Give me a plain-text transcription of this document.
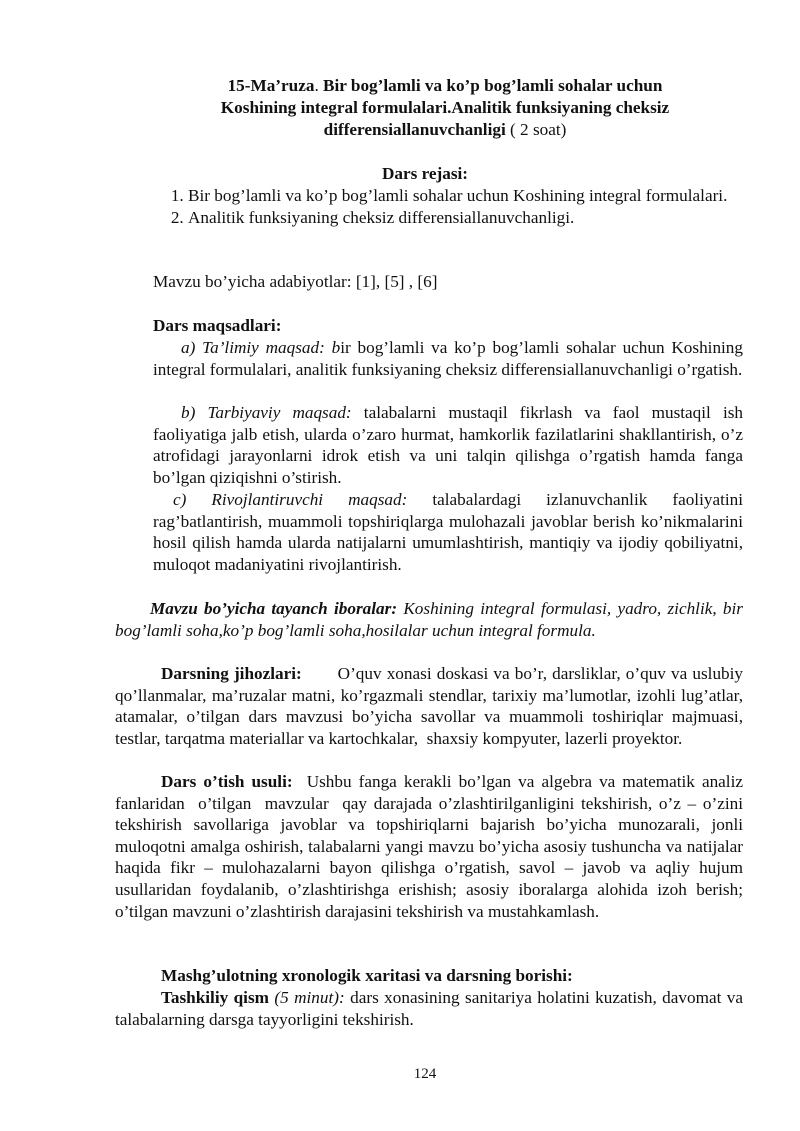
15-Ma’ruza. Bir bog’lamli va ko’p bog’lamli sohalar uchun
Koshining integral formulalari.Analitik funksiyaning cheksiz
differensiallanuvchanligi ( 2 soat)
Dars rejasi:
1. Bir bog’lamli va ko’p bog’lamli sohalar uchun Koshining integral formulalari.
2. Analitik funksiyaning cheksiz differensiallanuvchanligi.
Mavzu bo’yicha adabiyotlar: [1], [5] , [6]
Dars maqsadlari:
a) Ta’limiy maqsad: bir bog’lamli va ko’p bog’lamli sohalar uchun Koshining integral formulalari, analitik funksiyaning cheksiz differensiallanuvchanligi o’rgatish.
b) Tarbiyaviy maqsad: talabalarni mustaqil fikrlash va faol mustaqil ish faoliyatiga jalb etish, ularda o’zaro hurmat, hamkorlik fazilatlarini shakllantirish, o’z atrofidagi jarayonlarni idrok etish va uni talqin qilishga o’rgatish hamda fanga bo’lgan qiziqishni o’stirish.
c) Rivojlantiruvchi maqsad: talabalardagi izlanuvchanlik faoliyatini rag’batlantirish, muammoli topshiriqlarga mulohazali javoblar berish ko’nikmalarini hosil qilish hamda ularda natijalarni umumlashtirish, mantiqiy va ijodiy qobiliyatni, muloqot madaniyatini rivojlantirish.
Mavzu bo’yicha tayanch iboralar: Koshining integral formulasi, yadro, zichlik, bir bog’lamli soha,ko’p bog’lamli soha,hosilalar uchun integral formula.
Darsning jihozlari:       O’quv xonasi doskasi va bo’r, darsliklar, o’quv va uslubiy qo’llanmalar, ma’ruzalar matni, ko’rgazmali stendlar, tarixiy ma’lumotlar, izohli lug’atlar, atamalar, o’tilgan dars mavzusi bo’yicha savollar va muammoli toshiriqlar majmuasi, testlar, tarqatma materiallar va kartochkalar,  shaxsiy kompyuter, lazerli proyektor.
Dars o’tish usuli:  Ushbu fanga kerakli bo’lgan va algebra va matematik analiz fanlaridan  o’tilgan  mavzular  qay darajada o’zlashtirilganligini tekshirish, o’z – o’zini tekshirish savollariga javoblar va topshiriqlarni bajarish bo’yicha munozarali, jonli muloqotni amalga oshirish, talabalarni yangi mavzu bo’yicha asosiy tushuncha va natijalar haqida fikr – mulohazalarni bayon qilishga o’rgatish, savol – javob va aqliy hujum usullaridan foydalanib, o’zlashtirishga erishish; asosiy iboralarga alohida izoh berish; o’tilgan mavzuni o’zlashtirish darajasini tekshirish va mustahkamlash.
Mashg’ulotning xronologik xaritasi va darsning borishi:
Tashkiliy qism (5 minut): dars xonasining sanitariya holatini kuzatish, davomat va talabalarning darsga tayyorligini tekshirish.
124
